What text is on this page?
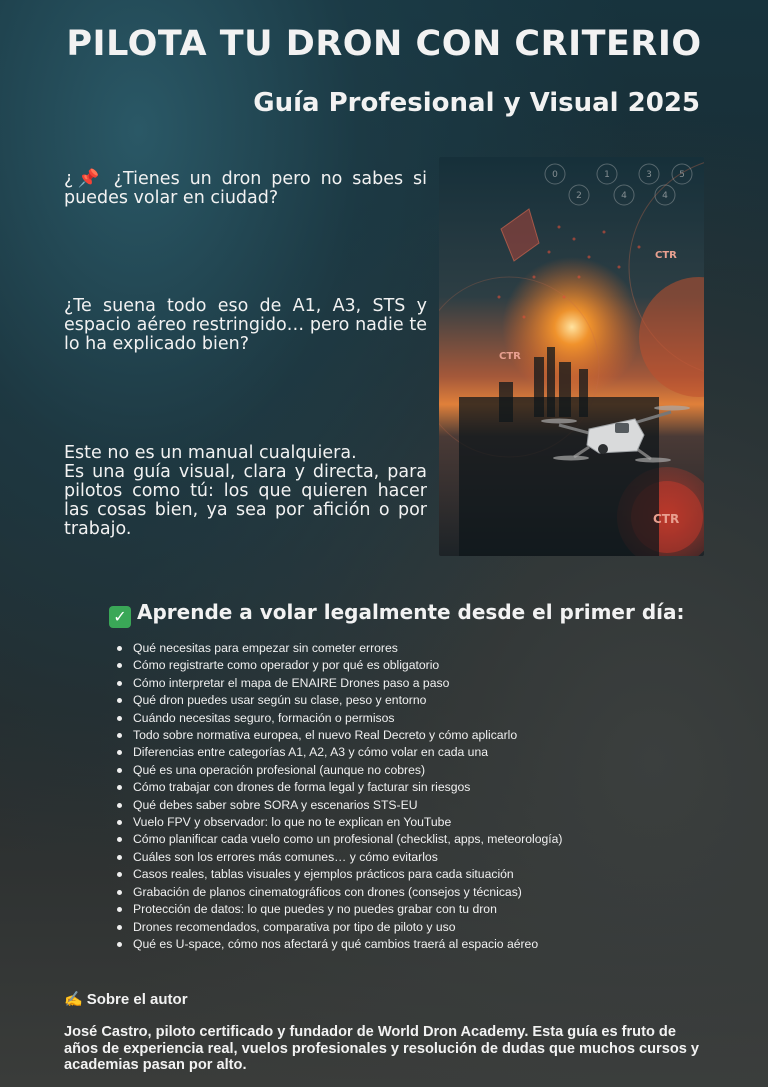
PILOTA TU DRON CON CRITERIO
Guía Profesional y Visual 2025

¿📌 ¿Tienes un dron pero no sabes si puedes volar en ciudad?

¿Te suena todo eso de A1, A3, STS y espacio aéreo restringido… pero nadie te lo ha explicado bien?

Este no es un manual cualquiera.

Es una guía visual, clara y directa, para pilotos como tú: los que quieren hacer las cosas bien, ya sea por afición o por trabajo.

0	1	3	5
2	4	4
CTR
CTR
CTR
✓ Aprende a volar legalmente desde el primer día:
Qué necesitas para empezar sin cometer errores
Cómo registrarte como operador y por qué es obligatorio
Cómo interpretar el mapa de ENAIRE Drones paso a paso
Qué dron puedes usar según su clase, peso y entorno
Cuándo necesitas seguro, formación o permisos
Todo sobre normativa europea, el nuevo Real Decreto y cómo aplicarlo
Diferencias entre categorías A1, A2, A3 y cómo volar en cada una
Qué es una operación profesional (aunque no cobres)
Cómo trabajar con drones de forma legal y facturar sin riesgos
Qué debes saber sobre SORA y escenarios STS-EU
Vuelo FPV y observador: lo que no te explican en YouTube
Cómo planificar cada vuelo como un profesional (checklist, apps, meteorología)
Cuáles son los errores más comunes… y cómo evitarlos
Casos reales, tablas visuales y ejemplos prácticos para cada situación
Grabación de planos cinematográficos con drones (consejos y técnicas)
Protección de datos: lo que puedes y no puedes grabar con tu dron
Drones recomendados, comparativa por tipo de piloto y uso
Qué es U-space, cómo nos afectará y qué cambios traerá al espacio aéreo
✍ Sobre el autor

José Castro, piloto certificado y fundador de World Dron Academy. Esta guía es fruto de años de experiencia real, vuelos profesionales y resolución de dudas que muchos cursos y academias pasan por alto.
